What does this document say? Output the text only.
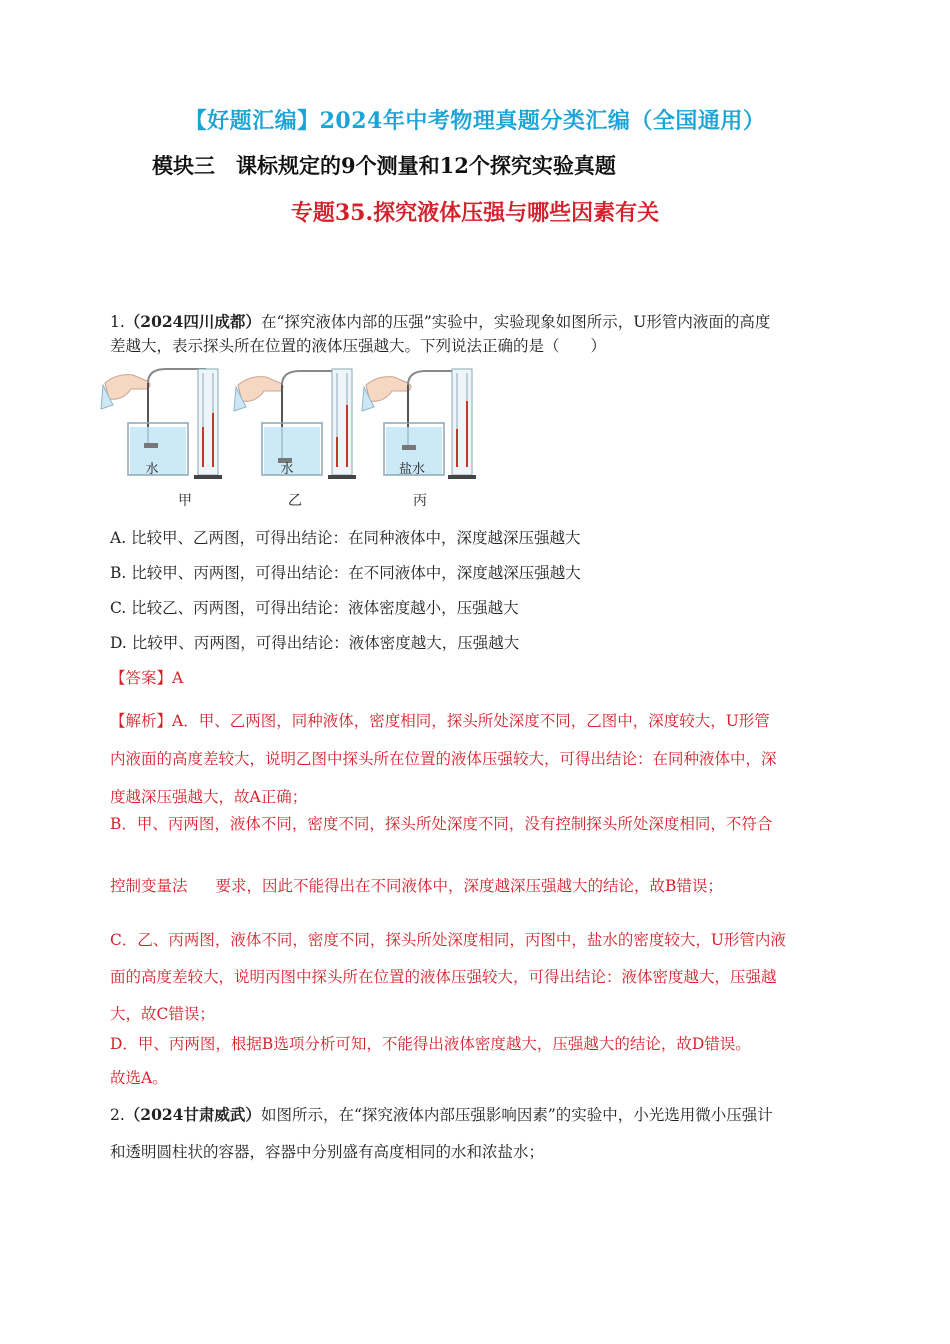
【好题汇编】2024年中考物理真题分类汇编（全国通用）
模块三　课标规定的9个测量和12个探究实验真题
专题35.探究液体压强与哪些因素有关
1.（2024四川成都）在“探究液体内部的压强”实验中，实验现象如图所示，U形管内液面的高度
差越大，表示探头所在位置的液体压强越大。下列说法正确的是（　　）
水
甲
水
乙
盐水
丙
A. 比较甲、乙两图，可得出结论：在同种液体中，深度越深压强越大
B. 比较甲、丙两图，可得出结论：在不同液体中，深度越深压强越大
C. 比较乙、丙两图，可得出结论：液体密度越小，压强越大
D. 比较甲、丙两图，可得出结论：液体密度越大，压强越大
【答案】A
【解析】A．甲、乙两图，同种液体，密度相同，探头所处深度不同，乙图中，深度较大，U形管
内液面的高度差较大，说明乙图中探头所在位置的液体压强较大，可得出结论：在同种液体中，深
度越深压强越大，故A正确；
B．甲、丙两图，液体不同，密度不同，探头所处深度不同，没有控制探头所处深度相同，不符合
控制变量法 要求，因此不能得出在不同液体中，深度越深压强越大的结论，故B错误；
C．乙、丙两图，液体不同，密度不同，探头所处深度相同，丙图中，盐水的密度较大，U形管内液
面的高度差较大，说明丙图中探头所在位置的液体压强较大，可得出结论：液体密度越大，压强越
大，故C错误；
D．甲、丙两图，根据B选项分析可知，不能得出液体密度越大，压强越大的结论，故D错误。
故选A。
2.（2024甘肃威武）如图所示，在“探究液体内部压强影响因素”的实验中，小光选用微小压强计
和透明圆柱状的容器，容器中分别盛有高度相同的水和浓盐水；
